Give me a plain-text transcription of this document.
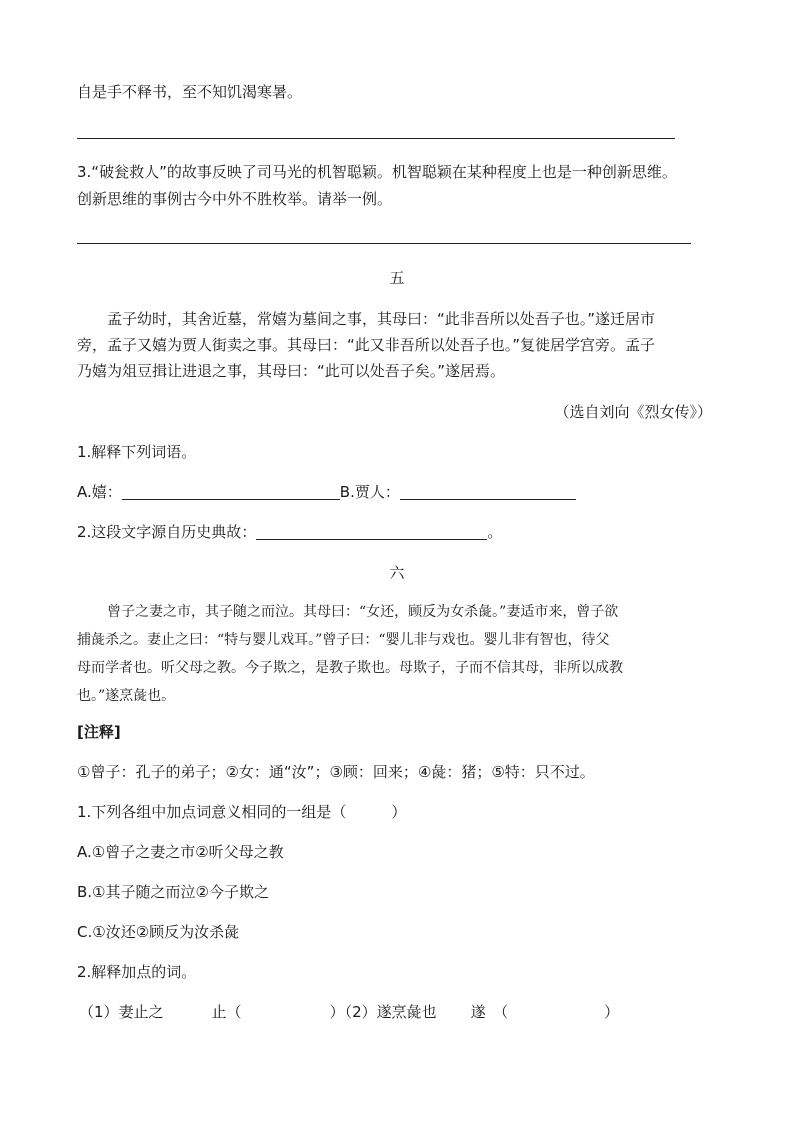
自是手不释书，至不知饥渴寒暑。
3.“破瓮救人”的故事反映了司马光的机智聪颖。机智聪颖在某种程度上也是一种创新思维。
创新思维的事例古今中外不胜枚举。请举一例。
五
孟子幼时，其舍近墓，常嬉为墓间之事，其母曰：“此非吾所以处吾子也。”遂迁居市
旁，孟子又嬉为贾人街卖之事。其母曰：“此又非吾所以处吾子也。”复徙居学宫旁。孟子
乃嬉为俎豆揖让进退之事，其母曰：“此可以处吾子矣。”遂居焉。
（选自刘向《烈女传》）
1.解释下列词语。
A.嬉：	B.贾人：
2.这段文字源自历史典故：	。
六
曾子之妻之市，其子随之而泣。其母曰：“女还，顾反为女杀彘。”妻适市来，曾子欲
捕彘杀之。妻止之曰：“特与婴儿戏耳。”曾子曰：“婴儿非与戏也。婴儿非有智也，待父
母而学者也。听父母之教。今子欺之，是教子欺也。母欺子，子而不信其母，非所以成教
也。”遂烹彘也。
[注释]
①曾子：孔子的弟子；②女：通“汝”；③顾：回来；④彘：猪；⑤特：只不过。
1.下列各组中加点词意义相同的一组是（　　　）
A.①曾子之妻之市②听父母之教
B.①其子随之而泣②今子欺之
C.①汝还②顾反为汝杀彘
2.解释加点的词。
（1）妻止之	止（	）（2）遂烹彘也 遂　（	）
